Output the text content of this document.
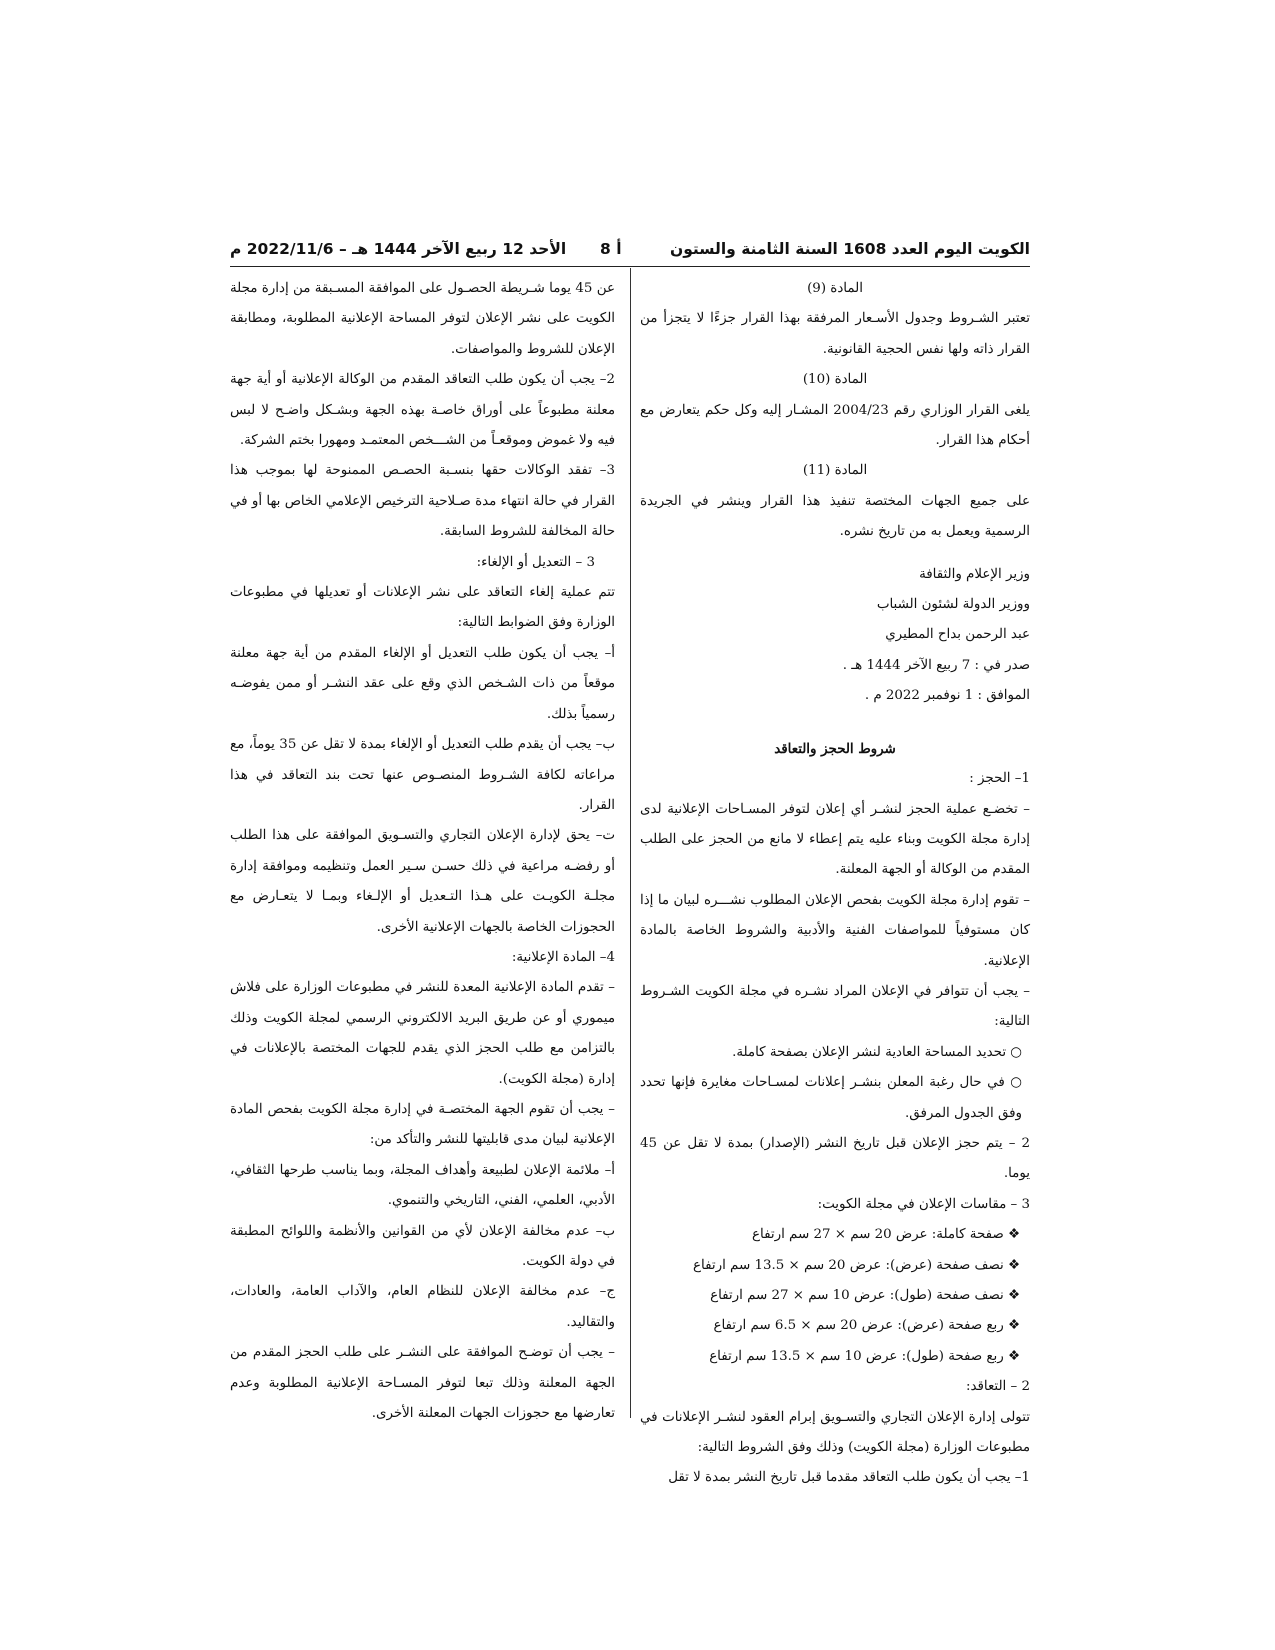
الكويت اليوم العدد 1608 السنة الثامنة والستون
أ 8
الأحد 12 ربيع الآخر 1444 هـ – 2022/11/6 م

المادة (9)

تعتبر الشـروط وجدول الأسـعار المرفقة بهذا القرار جزءًا لا يتجزأ من القرار ذاته ولها نفس الحجية القانونية.

المادة (10)

يلغى القرار الوزاري رقم 2004/23 المشـار إليه وكل حكم يتعارض مع أحكام هذا القرار.

المادة (11)

على جميع الجهات المختصة تنفيذ هذا القرار وينشر في الجريدة الرسمية ويعمل به من تاريخ نشره.

وزير الإعلام والثقافة

ووزير الدولة لشئون الشباب

عبد الرحمن بداح المطيري

صدر في : 7 ربيع الآخر 1444 هـ .

الموافق : 1 نوفمبر 2022 م .

شروط الحجز والتعاقد

1– الحجز :

– تخضـع عملية الحجز لنشـر أي إعلان لتوفر المسـاحات الإعلانية لدى إدارة مجلة الكويت وبناء عليه يتم إعطاء لا مانع من الحجز على الطلب المقدم من الوكالة أو الجهة المعلنة.

– تقوم إدارة مجلة الكويت بفحص الإعلان المطلوب نشـــره لبيان ما إذا كان مستوفياً للمواصفات الفنية والأدبية والشروط الخاصة بالمادة الإعلانية.

– يجب أن تتوافر في الإعلان المراد نشـره في مجلة الكويت الشـروط التالية:

○ تحديد المساحة العادية لنشر الإعلان بصفحة كاملة.

○ في حال رغبة المعلن بنشـر إعلانات لمسـاحات مغايرة فإنها تحدد وفق الجدول المرفق.

2 – يتم حجز الإعلان قبل تاريخ النشر (الإصدار) بمدة لا تقل عن 45 يوما.

3 – مقاسات الإعلان في مجلة الكويت:

❖ صفحة كاملة: عرض 20 سم × 27 سم ارتفاع

❖ نصف صفحة (عرض): عرض 20 سم × 13.5 سم ارتفاع

❖ نصف صفحة (طول): عرض 10 سم × 27 سم ارتفاع

❖ ربع صفحة (عرض): عرض 20 سم × 6.5 سم ارتفاع

❖ ربع صفحة (طول): عرض 10 سم × 13.5 سم ارتفاع

2 – التعاقد:

تتولى إدارة الإعلان التجاري والتسـويق إبرام العقود لنشـر الإعلانات في مطبوعات الوزارة (مجلة الكويت) وذلك وفق الشروط التالية:

1– يجب أن يكون طلب التعاقد مقدما قبل تاريخ النشر بمدة لا تقل

عن 45 يوما شـريطة الحصـول على الموافقة المسـبقة من إدارة مجلة الكويت على نشر الإعلان لتوفر المساحة الإعلانية المطلوبة، ومطابقة الإعلان للشروط والمواصفات.

2– يجب أن يكون طلب التعاقد المقدم من الوكالة الإعلانية أو أية جهة معلنة مطبوعاً على أوراق خاصـة بهذه الجهة وبشـكل واضـح لا لبس فيه ولا غموض وموقعـاً من الشـــخص المعتمـد ومهورا بختم الشركة.

3– تفقد الوكالات حقها بنسـبة الحصـص الممنوحة لها بموجب هذا القرار في حالة انتهاء مدة صـلاحية الترخيص الإعلامي الخاص بها أو في حالة المخالفة للشروط السابقة.

3 – التعديل أو الإلغاء:

تتم عملية إلغاء التعاقد على نشر الإعلانات أو تعديلها في مطبوعات الوزارة وفق الضوابط التالية:

أ– يجب أن يكون طلب التعديل أو الإلغاء المقدم من أية جهة معلنة موقعاً من ذات الشـخص الذي وقع على عقد النشـر أو ممن يفوضـه رسمياً بذلك.

ب– يجب أن يقدم طلب التعديل أو الإلغاء بمدة لا تقل عن 35 يوماً، مع مراعاته لكافة الشـروط المنصـوص عنها تحت بند التعاقد في هذا القرار.

ت– يحق لإدارة الإعلان التجاري والتسـويق الموافقة على هذا الطلب أو رفضـه مراعية في ذلك حسـن سـير العمل وتنظيمه وموافقة إدارة مجلـة الكويـت على هـذا التـعديل أو الإلـغاء وبمـا لا يتعـارض مع الحجوزات الخاصة بالجهات الإعلانية الأخرى.

4– المادة الإعلانية:

– تقدم المادة الإعلانية المعدة للنشر في مطبوعات الوزارة على فلاش ميموري أو عن طريق البريد الالكتروني الرسمي لمجلة الكويت وذلك بالتزامن مع طلب الحجز الذي يقدم للجهات المختصة بالإعلانات في إدارة (مجلة الكويت).

– يجب أن تقوم الجهة المختصـة في إدارة مجلة الكويت بفحص المادة الإعلانية لبيان مدى قابليتها للنشر والتأكد من:

أ– ملائمة الإعلان لطبيعة وأهداف المجلة، وبما يناسب طرحها الثقافي، الأدبي، العلمي، الفني، التاريخي والتنموي.

ب– عدم مخالفة الإعلان لأي من القوانين والأنظمة واللوائح المطبقة في دولة الكويت.

ج– عدم مخالفة الإعلان للنظام العام، والآداب العامة، والعادات، والتقاليد.

– يجب أن توضـح الموافقة على النشـر على طلب الحجز المقدم من الجهة المعلنة وذلك تبعا لتوفر المسـاحة الإعلانية المطلوبة وعدم تعارضها مع حجوزات الجهات المعلنة الأخرى.
